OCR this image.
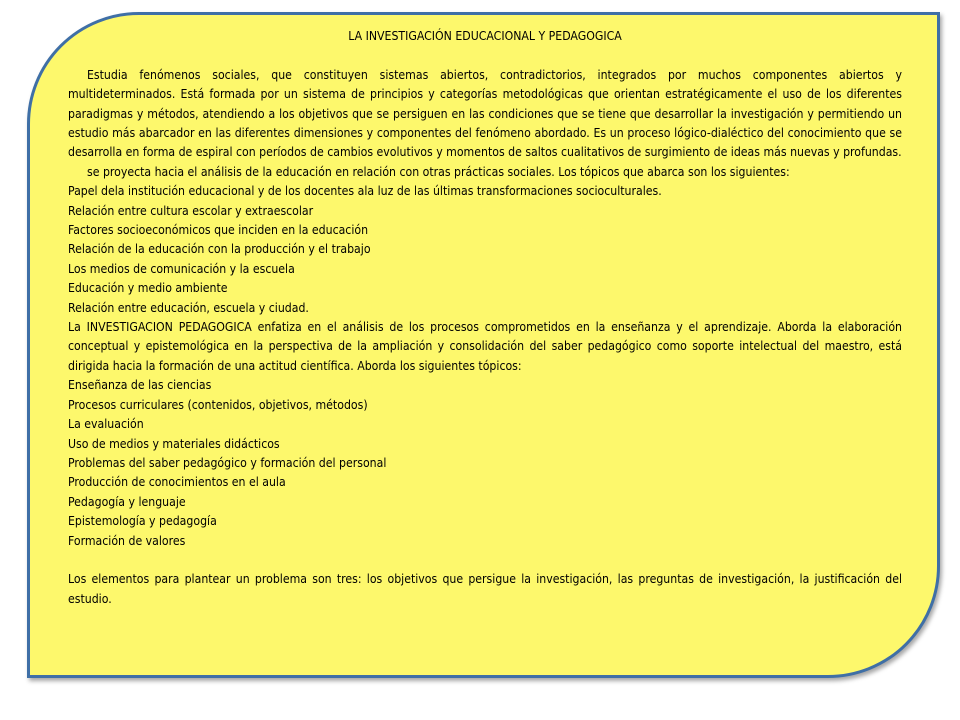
LA INVESTIGACIÓN EDUCACIONAL Y PEDAGOGICA

Estudia fenómenos sociales, que constituyen sistemas abiertos, contradictorios, integrados por muchos componentes abiertos y multideterminados. Está formada por un sistema de principios y categorías metodológicas que orientan estratégicamente el uso de los diferentes paradigmas y métodos, atendiendo a los objetivos que se persiguen en las condiciones que se tiene que desarrollar la investigación y permitiendo un estudio más abarcador en las diferentes dimensiones y componentes del fenómeno abordado. Es un proceso lógico-dialéctico del conocimiento que se desarrolla en forma de espiral con períodos de cambios evolutivos y momentos de saltos cualitativos de surgimiento de ideas más nuevas y profundas.

se proyecta hacia el análisis de la educación en relación con otras prácticas sociales. Los tópicos que abarca son los siguientes:

Papel dela institución educacional y de los docentes ala luz de las últimas transformaciones socioculturales.
Relación entre cultura escolar y extraescolar
Factores socioeconómicos que inciden en la educación
Relación de la educación con la producción y el trabajo
Los medios de comunicación y la escuela
Educación y medio ambiente
Relación entre educación, escuela y ciudad.

La INVESTIGACION PEDAGOGICA enfatiza en el análisis de los procesos comprometidos en la enseñanza y el aprendizaje. Aborda la elaboración conceptual y epistemológica en la perspectiva de la ampliación y consolidación del saber pedagógico como soporte intelectual del maestro, está dirigida hacia la formación de una actitud científica. Aborda los siguientes tópicos:

Enseñanza de las ciencias
Procesos curriculares (contenidos, objetivos, métodos)
La evaluación
Uso de medios y materiales didácticos
Problemas del saber pedagógico y formación del personal
Producción de conocimientos en el aula
Pedagogía y lenguaje
Epistemología y pedagogía
Formación de valores

Los elementos para plantear un problema son tres: los objetivos que persigue la investigación, las preguntas de investigación, la justificación del estudio.
